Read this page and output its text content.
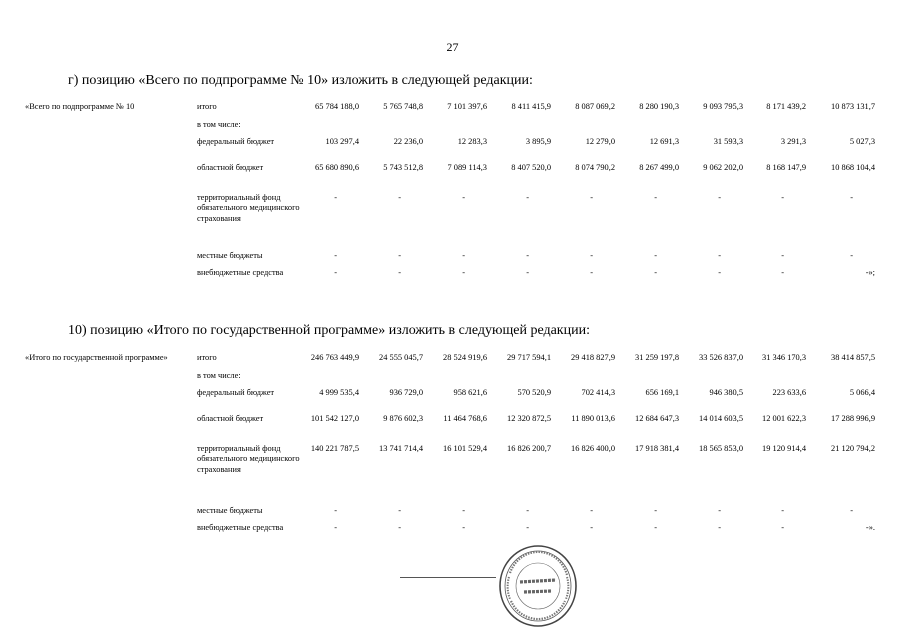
27
г) позицию «Всего по подпрограмме № 10» изложить в следующей редакции:
«Всего по подпрограмме № 10	итого	65 784 188,0	5 765 748,8	7 101 397,6	8 411 415,9	8 087 069,2	8 280 190,3	9 093 795,3	8 171 439,2	10 873 131,7
	в том числе:									
	федеральный бюджет	103 297,4	22 236,0	12 283,3	3 895,9	12 279,0	12 691,3	31 593,3	3 291,3	5 027,3
	областной бюджет	65 680 890,6	5 743 512,8	7 089 114,3	8 407 520,0	8 074 790,2	8 267 499,0	9 062 202,0	8 168 147,9	10 868 104,4
	территориальный фонд обязательного медицинского страхования	-	-	-	-	-	-	-	-	-
	местные бюджеты	-	-	-	-	-	-	-	-	-
	внебюджетные средства	-	-	-	-	-	-	-	-	-»;
10) позицию «Итого по государственной программе» изложить в следующей редакции:
«Итого по государственной программе»	итого	246 763 449,9	24 555 045,7	28 524 919,6	29 717 594,1	29 418 827,9	31 259 197,8	33 526 837,0	31 346 170,3	38 414 857,5
	в том числе:									
	федеральный бюджет	4 999 535,4	936 729,0	958 621,6	570 520,9	702 414,3	656 169,1	946 380,5	223 633,6	5 066,4
	областной бюджет	101 542 127,0	9 876 602,3	11 464 768,6	12 320 872,5	11 890 013,6	12 684 647,3	14 014 603,5	12 001 622,3	17 288 996,9
	территориальный фонд обязательного медицинского страхования	140 221 787,5	13 741 714,4	16 101 529,4	16 826 200,7	16 826 400,0	17 918 381,4	18 565 853,0	19 120 914,4	21 120 794,2
	местные бюджеты	-	-	-	-	-	-	-	-	-
	внебюджетные средства	-	-	-	-	-	-	-	-	-».
